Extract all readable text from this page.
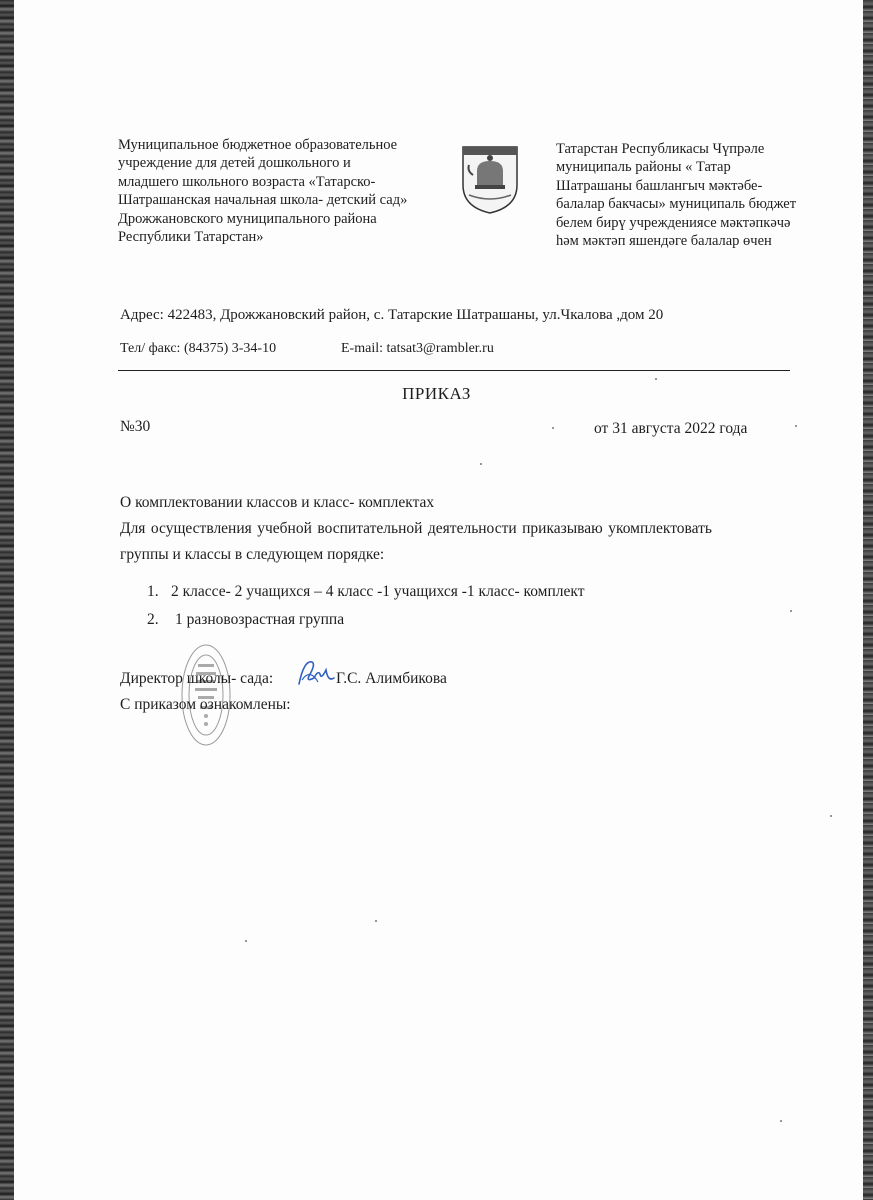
Муниципальное бюджетное образовательное
учреждение для детей дошкольного и
младшего школьного возраста «Татарско-
Шатрашанская начальная школа- детский сад»
Дрожжановского муниципального района
Республики Татарстан»
Татарстан Республикасы Чүпрәле
муниципаль районы « Татар
Шатрашаны башлангыч мәктәбе-
балалар бакчасы» муниципаль бюджет
белем бирү учреждениясе мәктәпкәчә
һәм мәктәп яшендәге балалар өчен
Адрес: 422483, Дрожжановский район, с. Татарские Шатрашаны, ул.Чкалова ,дом 20
Тел/ факс: (84375) 3-34-10	E-mail: tatsat3@rambler.ru
ПРИКАЗ
№30	от 31 августа 2022 года
О комплектовании классов и класс- комплектах
Для осуществления учебной воспитательной деятельности приказываю укомплектовать
группы и классы в следующем порядке:
1. 2 классе- 2 учащихся – 4 класс -1 учащихся -1 класс- комплект
2. 1 разновозрастная группа
Директор школы- сада:	Г.С. Алимбикова
С приказом ознакомлены:
